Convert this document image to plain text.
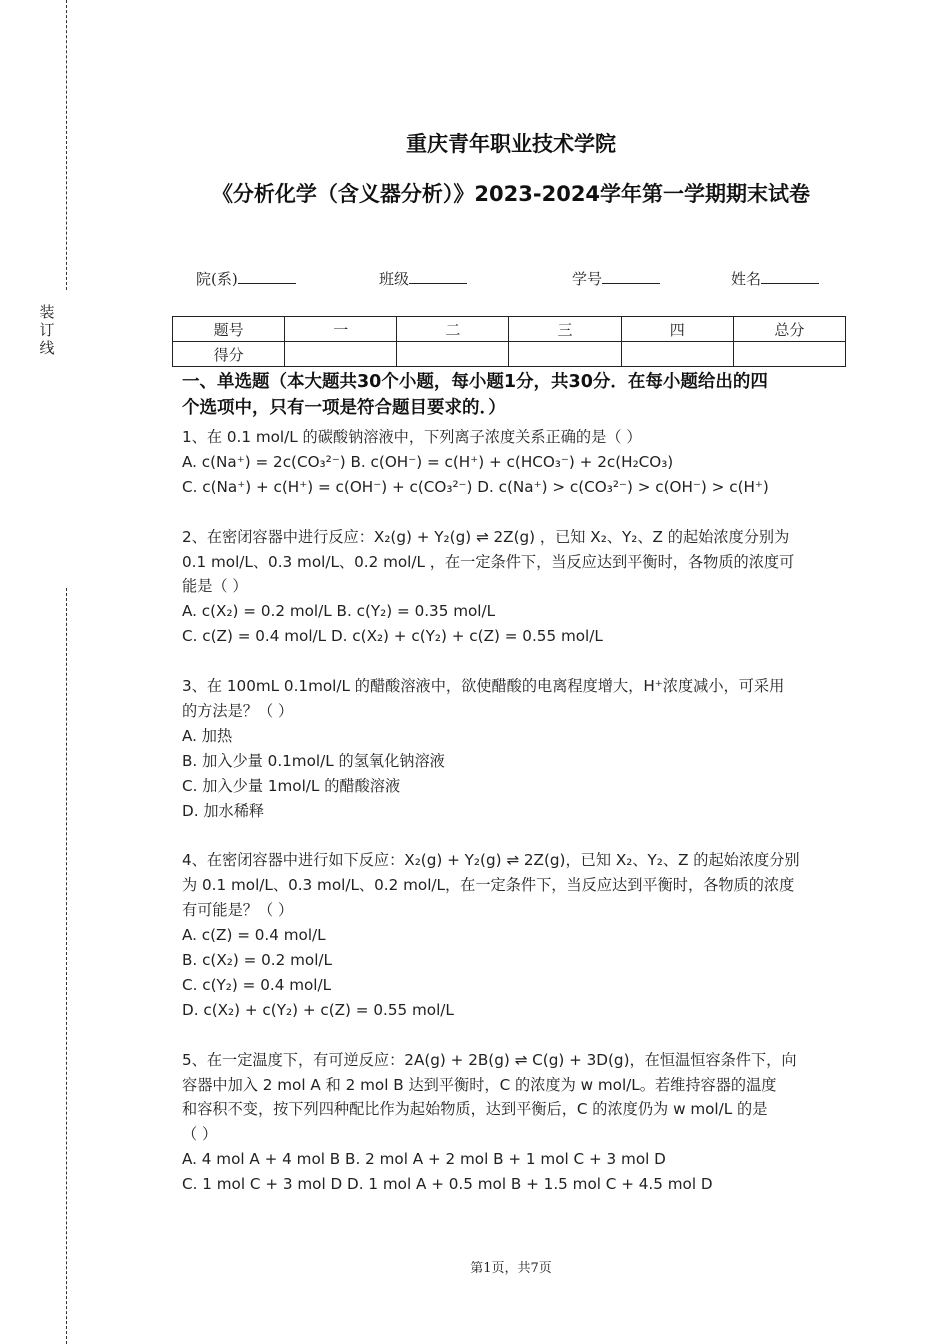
装
订
线
重庆青年职业技术学院
《分析化学（含义器分析）》2023-2024学年第一学期期末试卷
院(系)	班级	学号	姓名
题号	一	二	三	四	总分
得分					
一、单选题（本大题共30个小题，每小题1分，共30分．在每小题给出的四
个选项中，只有一项是符合题目要求的．）
1、在 0.1 mol/L 的碳酸钠溶液中，下列离子浓度关系正确的是（ ）
A. c(Na⁺) = 2c(CO₃²⁻) B. c(OH⁻) = c(H⁺) + c(HCO₃⁻) + 2c(H₂CO₃)
C. c(Na⁺) + c(H⁺) = c(OH⁻) + c(CO₃²⁻) D. c(Na⁺) > c(CO₃²⁻) > c(OH⁻) > c(H⁺)
2、在密闭容器中进行反应：X₂(g) + Y₂(g) ⇌ 2Z(g) ，已知 X₂、Y₂、Z 的起始浓度分别为
0.1 mol/L、0.3 mol/L、0.2 mol/L ，在一定条件下，当反应达到平衡时，各物质的浓度可
能是（ ）
A. c(X₂) = 0.2 mol/L B. c(Y₂) = 0.35 mol/L
C. c(Z) = 0.4 mol/L D. c(X₂) + c(Y₂) + c(Z) = 0.55 mol/L
3、在 100mL 0.1mol/L 的醋酸溶液中，欲使醋酸的电离程度增大，H⁺浓度减小，可采用
的方法是？（ ）
A. 加热
B. 加入少量 0.1mol/L 的氢氧化钠溶液
C. 加入少量 1mol/L 的醋酸溶液
D. 加水稀释
4、在密闭容器中进行如下反应：X₂(g) + Y₂(g) ⇌ 2Z(g)，已知 X₂、Y₂、Z 的起始浓度分别
为 0.1 mol/L、0.3 mol/L、0.2 mol/L，在一定条件下，当反应达到平衡时，各物质的浓度
有可能是？（ ）
A. c(Z) = 0.4 mol/L
B. c(X₂) = 0.2 mol/L
C. c(Y₂) = 0.4 mol/L
D. c(X₂) + c(Y₂) + c(Z) = 0.55 mol/L
5、在一定温度下，有可逆反应：2A(g) + 2B(g) ⇌ C(g) + 3D(g)，在恒温恒容条件下，向
容器中加入 2 mol A 和 2 mol B 达到平衡时，C 的浓度为 w mol/L。若维持容器的温度
和容积不变，按下列四种配比作为起始物质，达到平衡后，C 的浓度仍为 w mol/L 的是
（ ）
A. 4 mol A + 4 mol B B. 2 mol A + 2 mol B + 1 mol C + 3 mol D
C. 1 mol C + 3 mol D D. 1 mol A + 0.5 mol B + 1.5 mol C + 4.5 mol D
第1页，共7页
